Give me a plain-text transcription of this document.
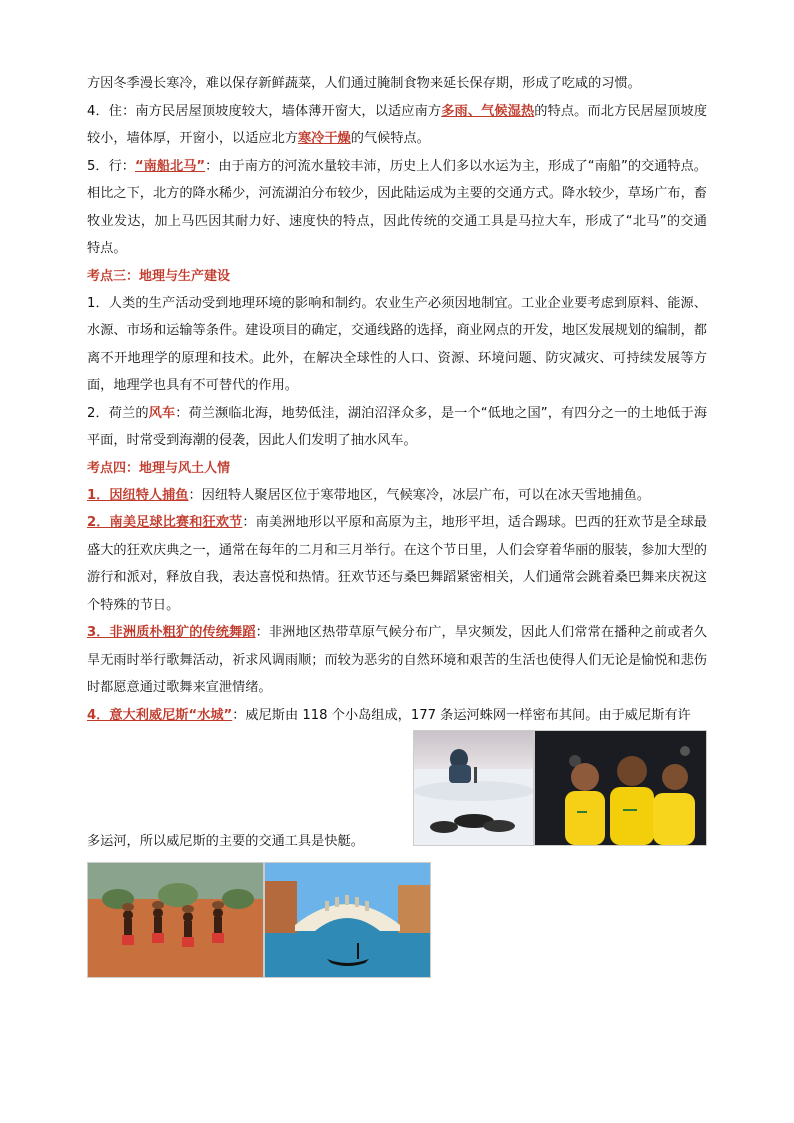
方因冬季漫长寒冷，难以保存新鲜蔬菜，人们通过腌制食物来延长保存期，形成了吃咸的习惯。

4．住：南方民居屋顶坡度较大，墙体薄开窗大，以适应南方多雨、气候湿热的特点。而北方民居屋顶坡度较小，墙体厚，开窗小，以适应北方寒冷干燥的气候特点。

5．行：“南船北马”：由于南方的河流水量较丰沛，历史上人们多以水运为主，形成了“南船”的交通特点。相比之下，北方的降水稀少，河流湖泊分布较少，因此陆运成为主要的交通方式。降水较少，草场广布，畜牧业发达，加上马匹因其耐力好、速度快的特点，因此传统的交通工具是马拉大车，形成了“北马”的交通特点。

考点三：地理与生产建设

1．人类的生产活动受到地理环境的影响和制约。农业生产必须因地制宜。工业企业要考虑到原料、能源、水源、市场和运输等条件。建设项目的确定，交通线路的选择，商业网点的开发，地区发展规划的编制，都离不开地理学的原理和技术。此外，在解决全球性的人口、资源、环境问题、防灾减灾、可持续发展等方面，地理学也具有不可替代的作用。

2．荷兰的风车：荷兰濒临北海，地势低洼，湖泊沼泽众多，是一个“低地之国”，有四分之一的土地低于海平面，时常受到海潮的侵袭，因此人们发明了抽水风车。

考点四：地理与风土人情

1．因纽特人捕鱼：因纽特人聚居区位于寒带地区，气候寒冷，冰层广布，可以在冰天雪地捕鱼。

2．南美足球比赛和狂欢节：南美洲地形以平原和高原为主，地形平坦，适合踢球。巴西的狂欢节是全球最盛大的狂欢庆典之一，通常在每年的二月和三月举行。在这个节日里，人们会穿着华丽的服装，参加大型的游行和派对，释放自我，表达喜悦和热情。狂欢节还与桑巴舞蹈紧密相关，人们通常会跳着桑巴舞来庆祝这个特殊的节日。

3．非洲质朴粗犷的传统舞蹈：非洲地区热带草原气候分布广，旱灾频发，因此人们常常在播种之前或者久旱无雨时举行歌舞活动，祈求风调雨顺；而较为恶劣的自然环境和艰苦的生活也使得人们无论是愉悦和悲伤时都愿意通过歌舞来宣泄情绪。

4．意大利威尼斯“水城”：威尼斯由 118 个小岛组成，177 条运河蛛网一样密布其间。由于威尼斯有许

多运河，所以威尼斯的主要的交通工具是快艇。
